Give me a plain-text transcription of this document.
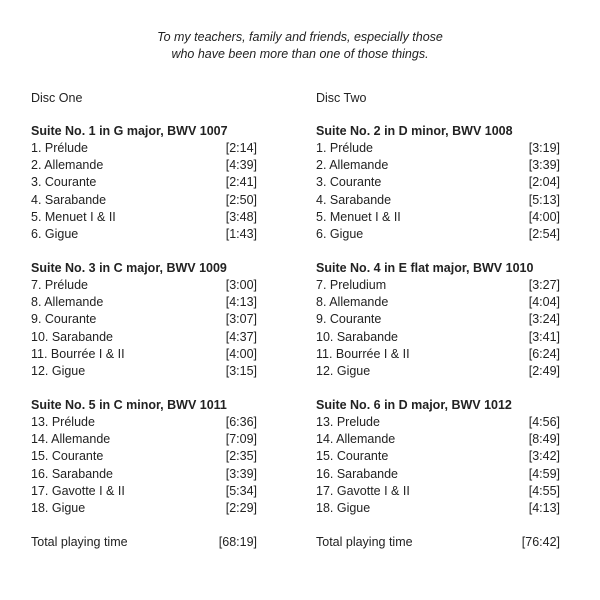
To my teachers, family and friends, especially those
who have been more than one of those things.
Disc One
Suite No. 1 in G major, BWV 1007
1. Prélude	[2:14]
2. Allemande	[4:39]
3. Courante	[2:41]
4. Sarabande	[2:50]
5. Menuet I & II	[3:48]
6. Gigue	[1:43]
Suite No. 3 in C major, BWV 1009
7. Prélude	[3:00]
8. Allemande	[4:13]
9. Courante	[3:07]
10. Sarabande	[4:37]
11. Bourrée I & II	[4:00]
12. Gigue	[3:15]
Suite No. 5 in C minor, BWV 1011
13. Prélude	[6:36]
14. Allemande	[7:09]
15. Courante	[2:35]
16. Sarabande	[3:39]
17. Gavotte I & II	[5:34]
18. Gigue	[2:29]
Total playing time	[68:19]
Disc Two
Suite No. 2 in D minor, BWV 1008
1. Prélude	[3:19]
2. Allemande	[3:39]
3. Courante	[2:04]
4. Sarabande	[5:13]
5. Menuet I & II	[4:00]
6. Gigue	[2:54]
Suite No. 4 in E flat major, BWV 1010
7. Preludium	[3:27]
8. Allemande	[4:04]
9. Courante	[3:24]
10. Sarabande	[3:41]
11. Bourrée I & II	[6:24]
12. Gigue	[2:49]
Suite No. 6 in D major, BWV 1012
13. Prelude	[4:56]
14. Allemande	[8:49]
15. Courante	[3:42]
16. Sarabande	[4:59]
17. Gavotte I & II	[4:55]
18. Gigue	[4:13]
Total playing time	[76:42]
